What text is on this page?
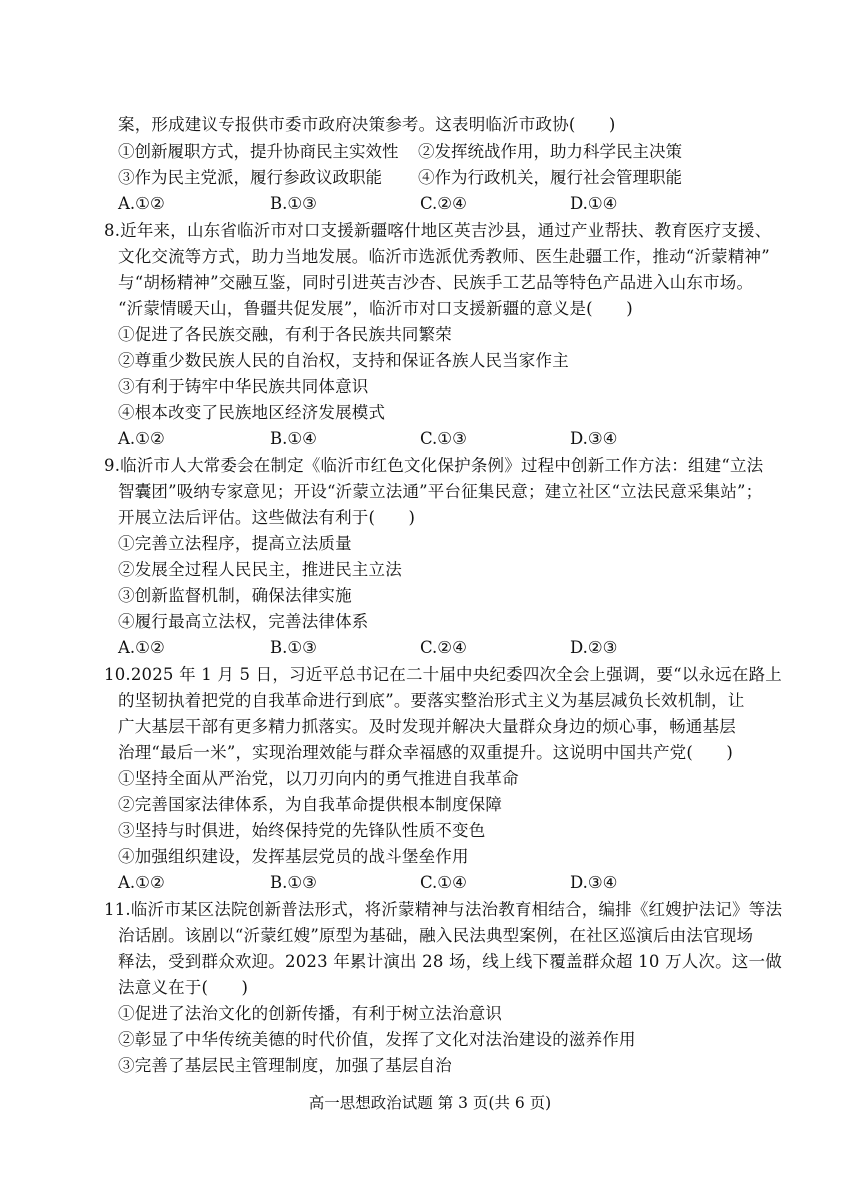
案，形成建议专报供市委市政府决策参考。这表明临沂市政协(　　)
①创新履职方式，提升协商民主实效性 ②发挥统战作用，助力科学民主决策
③作为民主党派，履行参政议政职能 ④作为行政机关，履行社会管理职能
A.①②	B.①③	C.②④	D.①④
8.近年来，山东省临沂市对口支援新疆喀什地区英吉沙县，通过产业帮扶、教育医疗支援、
文化交流等方式，助力当地发展。临沂市选派优秀教师、医生赴疆工作，推动“沂蒙精神”
与“胡杨精神”交融互鉴，同时引进英吉沙杏、民族手工艺品等特色产品进入山东市场。
“沂蒙情暖天山，鲁疆共促发展”，临沂市对口支援新疆的意义是(　　)
①促进了各民族交融，有利于各民族共同繁荣
②尊重少数民族人民的自治权，支持和保证各族人民当家作主
③有利于铸牢中华民族共同体意识
④根本改变了民族地区经济发展模式
A.①②	B.①④	C.①③	D.③④
9.临沂市人大常委会在制定《临沂市红色文化保护条例》过程中创新工作方法：组建“立法
智囊团”吸纳专家意见；开设“沂蒙立法通”平台征集民意；建立社区“立法民意采集站”；
开展立法后评估。这些做法有利于(　　)
①完善立法程序，提高立法质量
②发展全过程人民民主，推进民主立法
③创新监督机制，确保法律实施
④履行最高立法权，完善法律体系
A.①②	B.①③	C.②④	D.②③
10.2025 年 1 月 5 日，习近平总书记在二十届中央纪委四次全会上强调，要“以永远在路上
的坚韧执着把党的自我革命进行到底”。要落实整治形式主义为基层减负长效机制，让
广大基层干部有更多精力抓落实。及时发现并解决大量群众身边的烦心事，畅通基层
治理“最后一米”，实现治理效能与群众幸福感的双重提升。这说明中国共产党(　　)
①坚持全面从严治党，以刀刃向内的勇气推进自我革命
②完善国家法律体系，为自我革命提供根本制度保障
③坚持与时俱进，始终保持党的先锋队性质不变色
④加强组织建设，发挥基层党员的战斗堡垒作用
A.①②	B.①③	C.①④	D.③④
11.临沂市某区法院创新普法形式，将沂蒙精神与法治教育相结合，编排《红嫂护法记》等法
治话剧。该剧以“沂蒙红嫂”原型为基础，融入民法典型案例，在社区巡演后由法官现场
释法，受到群众欢迎。2023 年累计演出 28 场，线上线下覆盖群众超 10 万人次。这一做
法意义在于(　　)
①促进了法治文化的创新传播，有利于树立法治意识
②彰显了中华传统美德的时代价值，发挥了文化对法治建设的滋养作用
③完善了基层民主管理制度，加强了基层自治
高一思想政治试题 第 3 页(共 6 页)
